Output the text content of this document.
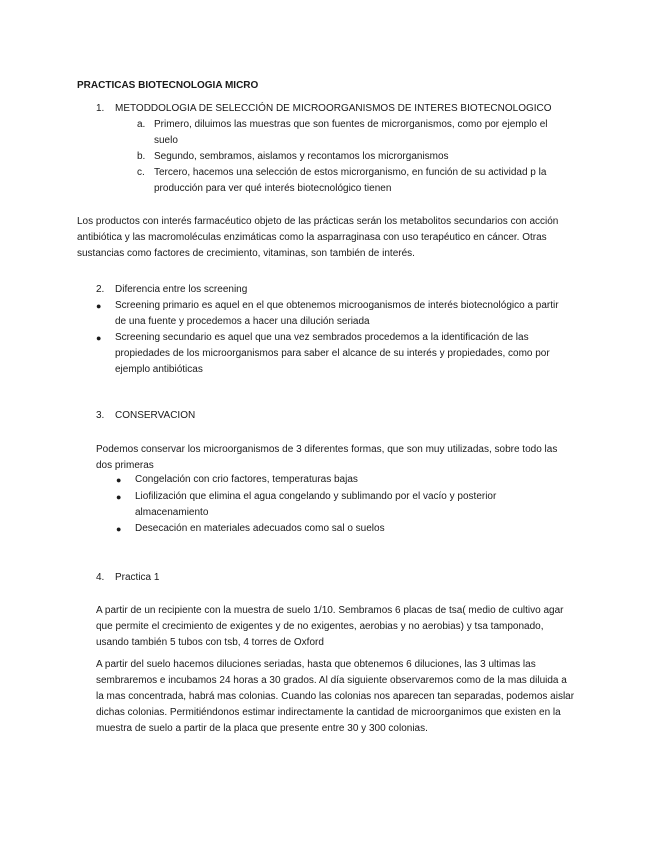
PRACTICAS BIOTECNOLOGIA MICRO

1. METODDOLOGIA DE SELECCIÓN DE MICROORGANISMOS DE INTERES BIOTECNOLOGICO
a. Primero, diluimos las muestras que son fuentes de microrganismos, como por ejemplo el suelo
b. Segundo, sembramos, aislamos y recontamos los microrganismos
c. Tercero, hacemos una selección de estos microrganismo, en función de su actividad p la producción para ver qué interés biotecnológico tienen

Los productos con interés farmacéutico objeto de las prácticas serán los metabolitos secundarios con acción antibiótica y las macromoléculas enzimáticas como la asparraginasa con uso terapéutico en cáncer. Otras sustancias como factores de crecimiento, vitaminas, son también de interés.

2. Diferencia entre los screening
● Screening primario es aquel en el que obtenemos microoganismos de interés biotecnológico a partir de una fuente y procedemos a hacer una dilución seriada
● Screening secundario es aquel que una vez sembrados procedemos a la identificación de las propiedades de los microorganismos para saber el alcance de su interés y propiedades, como por ejemplo antibióticas
3. CONSERVACION

Podemos conservar los microorganismos de 3 diferentes formas, que son muy utilizadas, sobre todo las dos primeras

● Congelación con crio factores, temperaturas bajas
● Liofilización que elimina el agua congelando y sublimando por el vacío y posterior almacenamiento
● Desecación en materiales adecuados como sal o suelos
4. Practica 1

A partir de un recipiente con la muestra de suelo 1/10. Sembramos 6 placas de tsa( medio de cultivo agar que permite el crecimiento de exigentes y de no exigentes, aerobias y no aerobias) y tsa tamponado, usando también 5 tubos con tsb, 4 torres de Oxford

A partir del suelo hacemos diluciones seriadas, hasta que obtenemos 6 diluciones, las 3 ultimas las sembraremos e incubamos 24 horas a 30 grados. Al día siguiente observaremos como de la mas diluida a la mas concentrada, habrá mas colonias. Cuando las colonias nos aparecen tan separadas, podemos aislar dichas colonias. Permitiéndonos estimar indirectamente la cantidad de microorganimos que existen en la muestra de suelo a partir de la placa que presente entre 30 y 300 colonias.
